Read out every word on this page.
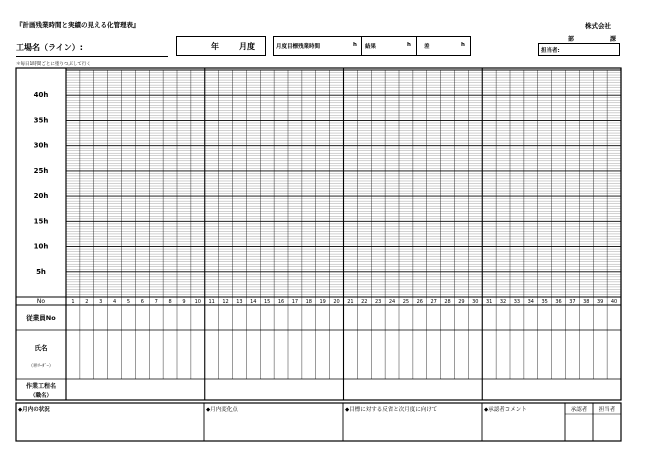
『計画残業時間と実績の見える化管理表』	株式会社
部	課
工場名（ライン）:	年	月度	月度目標残業時間	h 結果	h 差	h
担当者:
＊毎日1時間ごとに塗りつぶして行く
40h
35h
30h
25h
20h
15h
10h
5h
No	1 2 3 4 5 6 7 8 9 10 11 12 13 14 15 16 17 18 19 20 21 22 23 24 25 26 27 28 29 30 31 32 33 34 35 36 37 38 39 40
従業員No
氏名
（㊞ﾘｰﾀﾞｰ）
作業工程名
（職名）
◆月内の状況	◆月内変化点	◆目標に対する反省と次月度に向けて	◆承認者コメント	承認者 担当者
